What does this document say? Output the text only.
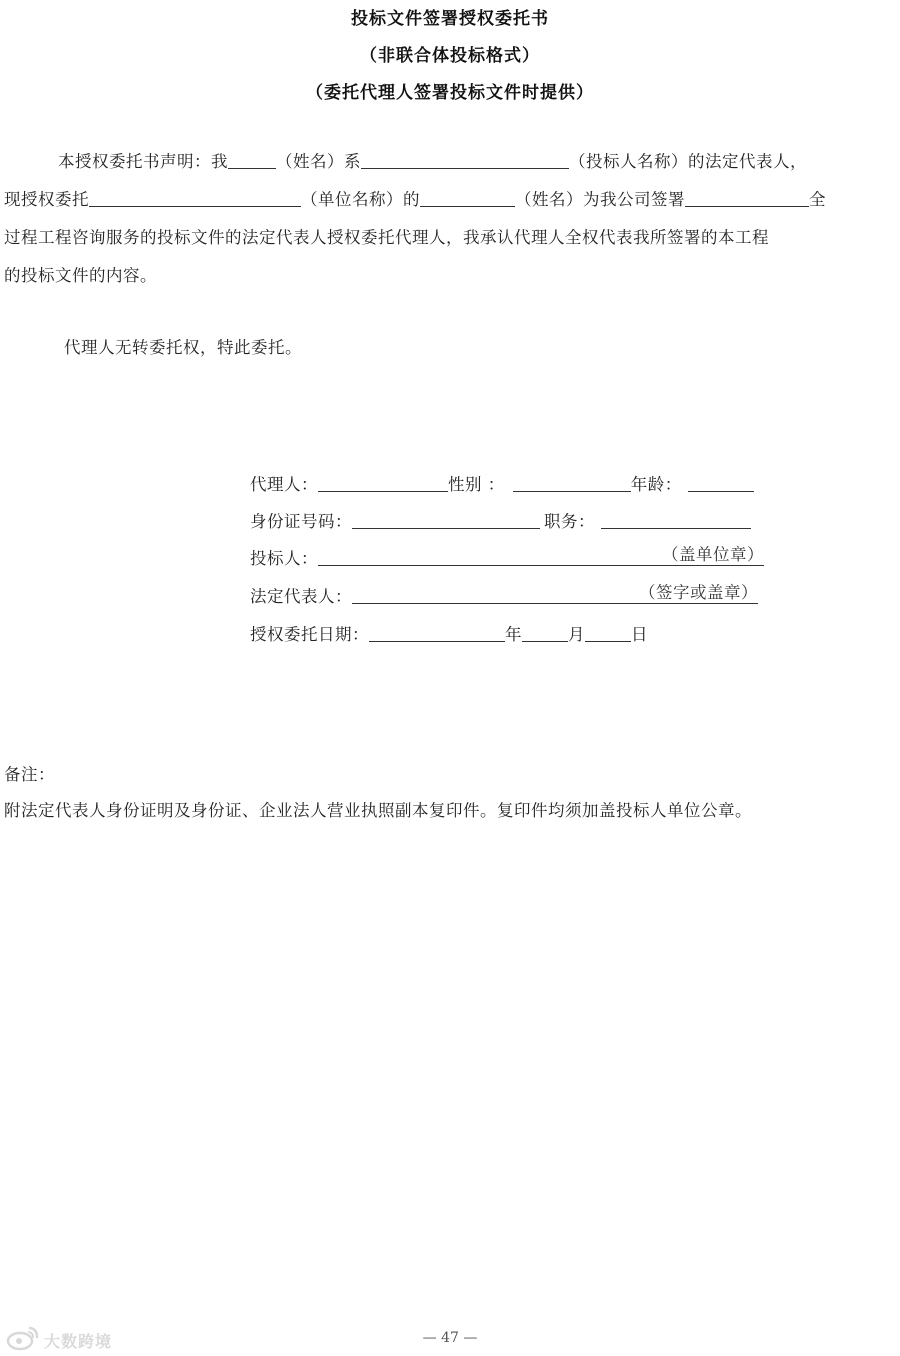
投标文件签署授权委托书
（非联合体投标格式）
（委托代理人签署投标文件时提供）
本授权委托书声明：我	（姓名）系	（投标人名称）的法定代表人，
现授权委托	（单位名称）的	（姓名）为我公司签署	全
过程工程咨询服务的投标文件的法定代表人授权委托代理人，我承认代理人全权代表我所签署的本工程
的投标文件的内容。
代理人无转委托权，特此委托。
代理人：	性别 ：	年龄：
身份证号码：	职务：
投标人：	（盖单位章）
法定代表人：	（签字或盖章）
授权委托日期：	年	月	日
备注：
附法定代表人身份证明及身份证、企业法人营业执照副本复印件。复印件均须加盖投标人单位公章。
— 47 —
大数跨境
